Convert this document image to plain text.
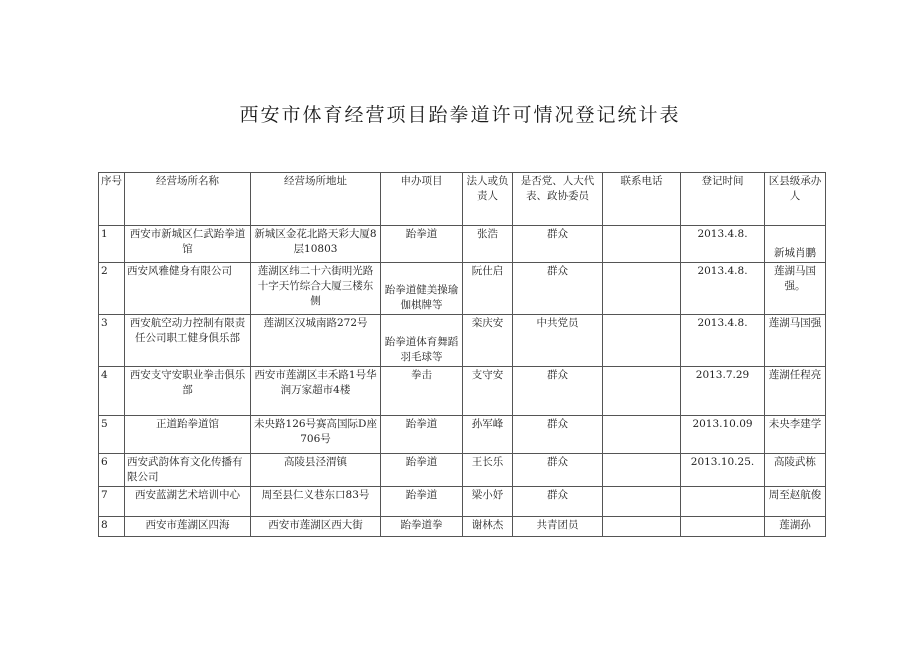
西安市体育经营项目跆拳道许可情况登记统计表
序号	经营场所名称	经营场所地址	申办项目	法人或负责人	是否党、人大代表、政协委员	联系电话	登记时间	区县级承办人
1	西安市新城区仁武跆拳道馆	新城区金花北路天彩大厦8层10803	跆拳道	张浩	群众		2013.4.8.	新城肖鹏
2	西安风雅健身有限公司	莲湖区纬二十六街明光路十字天竹综合大厦三楼东侧	跆拳道健美操瑜伽棋牌等	阮仕启	群众		2013.4.8.	莲湖马国强。
3	西安航空动力控制有限责任公司职工健身俱乐部	莲湖区汉城南路272号	跆拳道体育舞蹈羽毛球等	栾庆安	中共党员		2013.4.8.	莲湖马国强
4	西安支守安职业拳击俱乐部	西安市莲湖区丰禾路1号华润万家超市4楼	拳击	支守安	群众		2013.7.29	莲湖任程亮
5	正道跆拳道馆	未央路126号赛高国际D座706号	跆拳道	孙军峰	群众		2013.10.09	未央李建学
6	西安武韵体育文化传播有限公司	高陵县泾渭镇	跆拳道	王长乐	群众		2013.10.25.	高陵武栋
7	西安蓝湖艺术培训中心	周至县仁义巷东口83号	跆拳道	梁小妤	群众			周至赵航俊
8	西安市莲湖区四海	西安市莲湖区西大街	跆拳道拳	谢林杰	共青团员			莲湖孙
